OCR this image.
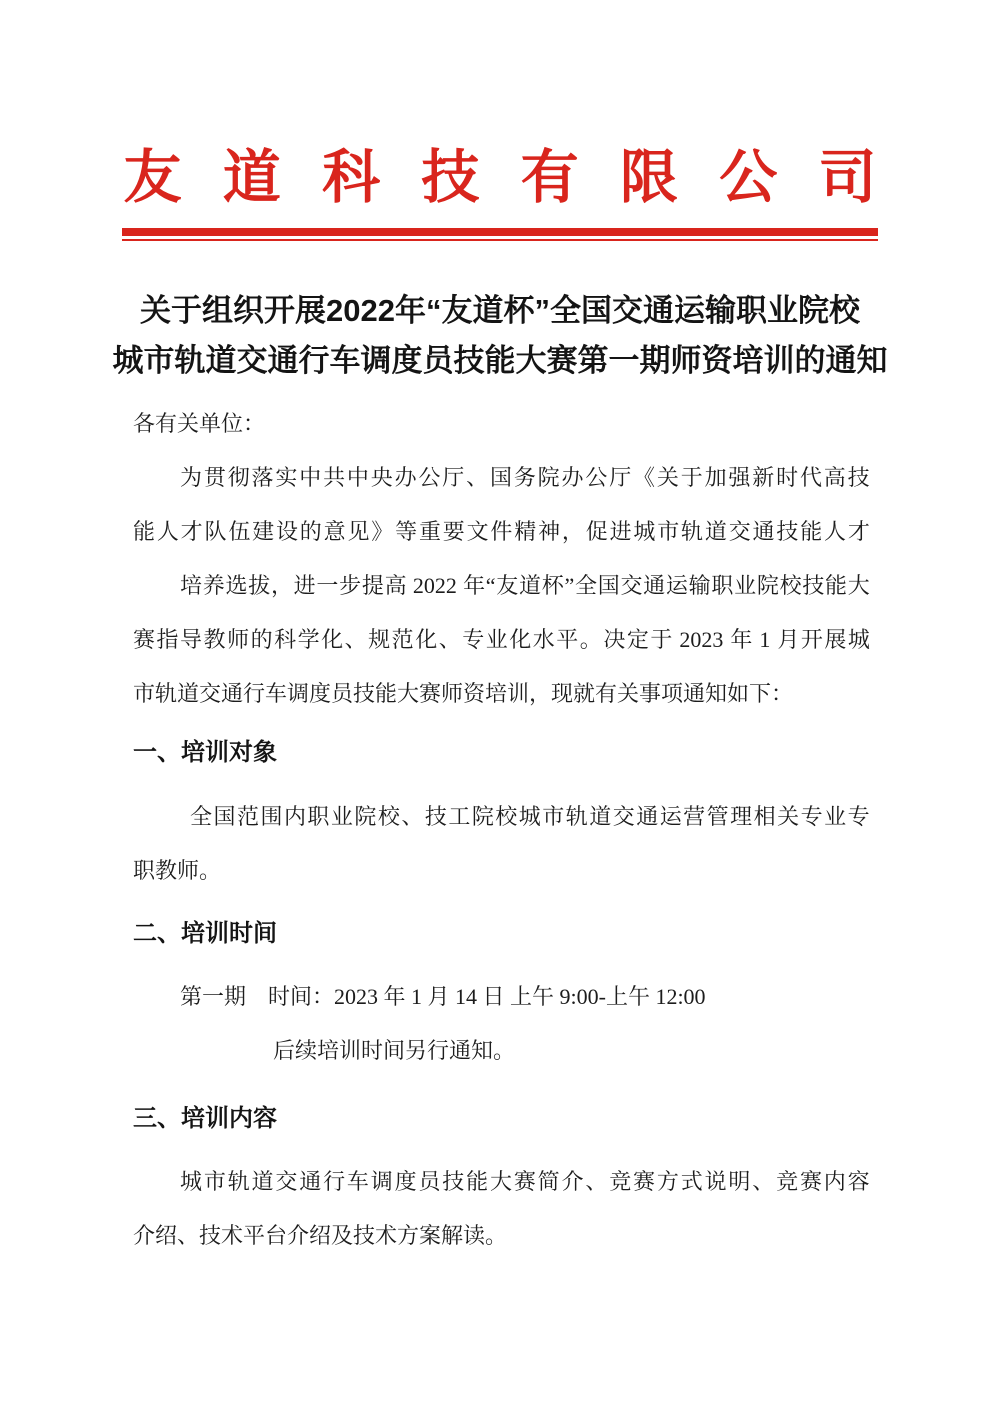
友 道 科 技 有 限 公 司
关于组织开展2022年“友道杯”全国交通运输职业院校
城市轨道交通行车调度员技能大赛第一期师资培训的通知
各有关单位：
为 贯 彻 落 实 中 共 中 央 办 公 厅 、 国 务 院 办 公 厅 《 关 于 加 强 新 时 代 高 技
能 人 才 队 伍 建 设 的 意 见 》 等 重 要 文 件 精 神 ， 促 进 城 市 轨 道 交 通 技 能 人 才
培 养 选 拔 ， 进 一 步 提 高 2022 年 “ 友 道 杯 ” 全 国 交 通 运 输 职 业 院 校 技 能 大
赛 指 导 教 师 的 科 学 化 、 规 范 化 、 专 业 化 水 平 。 决 定 于 2023 年 1 月 开 展 城
市轨道交通行车调度员技能大赛师资培训，现就有关事项通知如下：
一、培训对象
全 国 范 围 内 职 业 院 校 、 技 工 院 校 城 市 轨 道 交 通 运 营 管 理 相 关 专 业 专
职教师。
二、培训时间
第一期　时间：2023 年 1 月 14 日 上午 9:00-上午 12:00
后续培训时间另行通知。
三、培训内容
城 市 轨 道 交 通 行 车 调 度 员 技 能 大 赛 简 介 、 竞 赛 方 式 说 明 、 竞 赛 内 容
介绍、技术平台介绍及技术方案解读。
